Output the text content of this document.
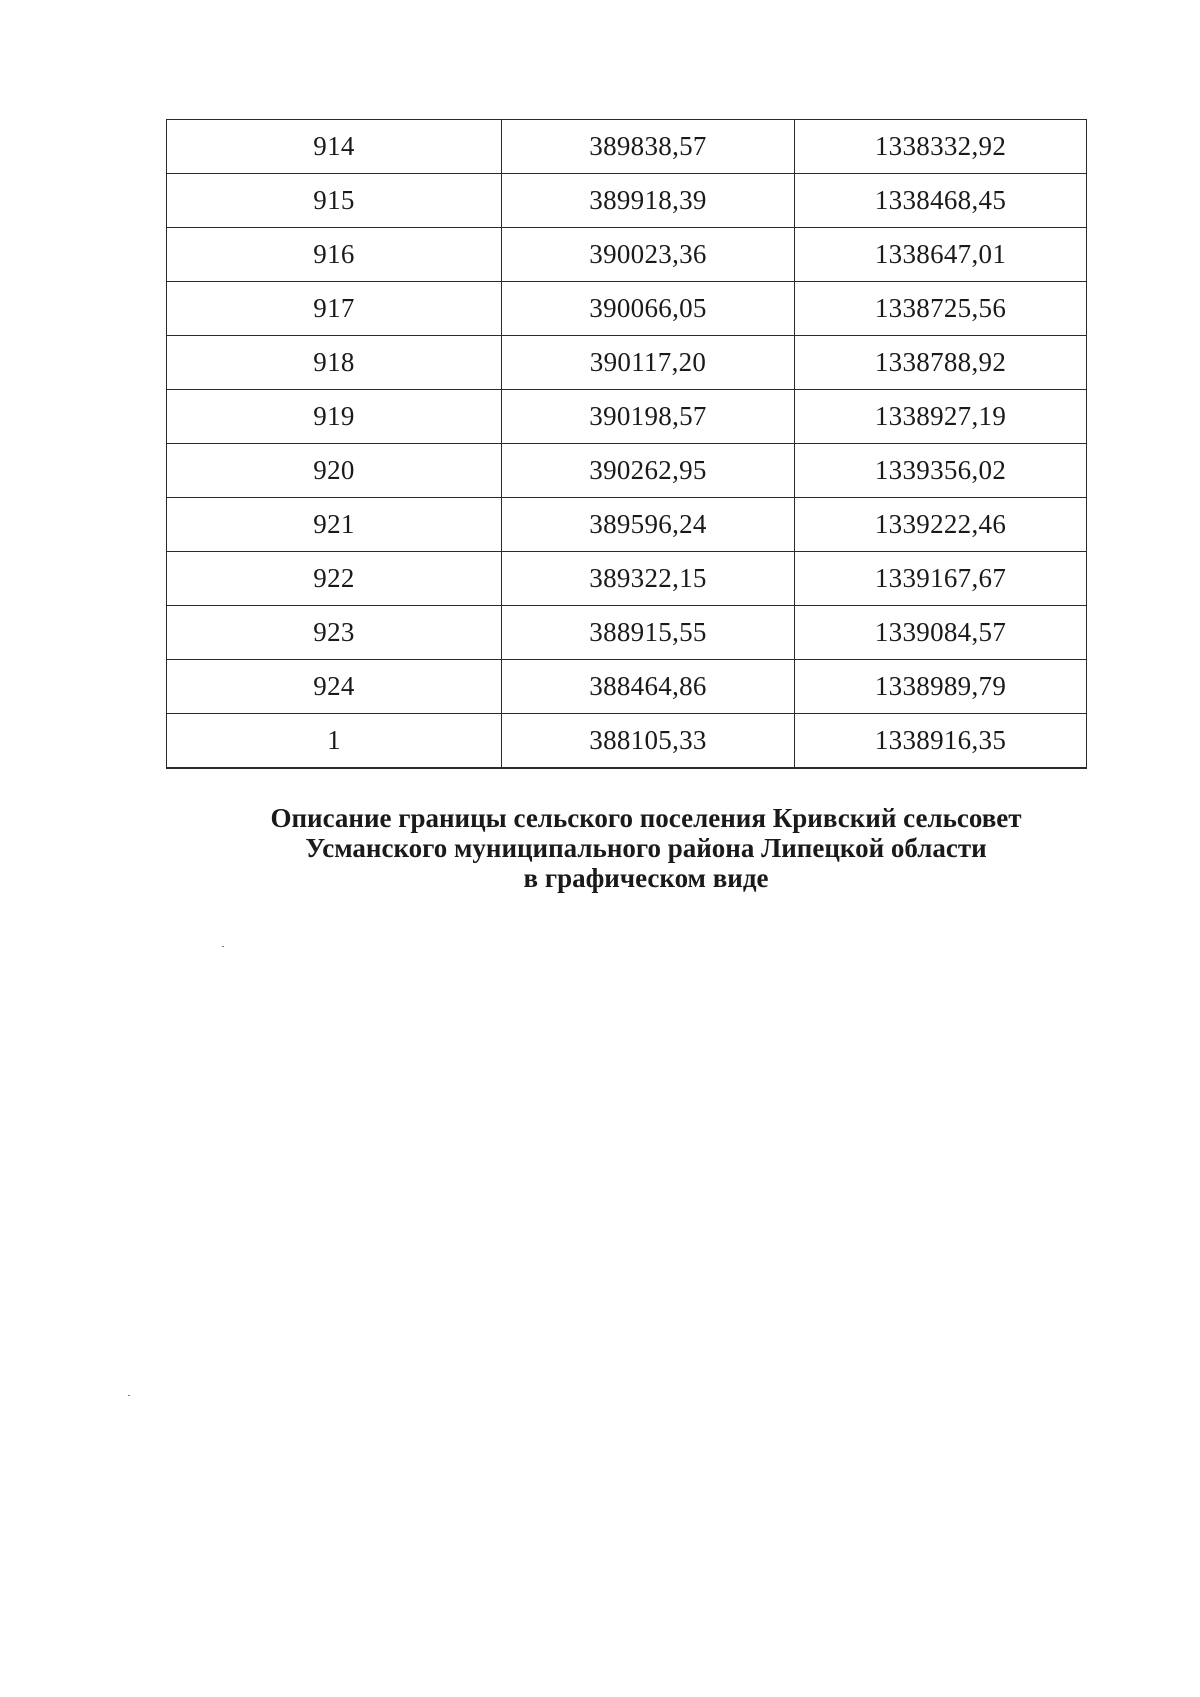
914	389838,57	1338332,92
915	389918,39	1338468,45
916	390023,36	1338647,01
917	390066,05	1338725,56
918	390117,20	1338788,92
919	390198,57	1338927,19
920	390262,95	1339356,02
921	389596,24	1339222,46
922	389322,15	1339167,67
923	388915,55	1339084,57
924	388464,86	1338989,79
1	388105,33	1338916,35
Описание границы сельского поселения Кривский сельсовет
Усманского муниципального района Липецкой области
в графическом виде
